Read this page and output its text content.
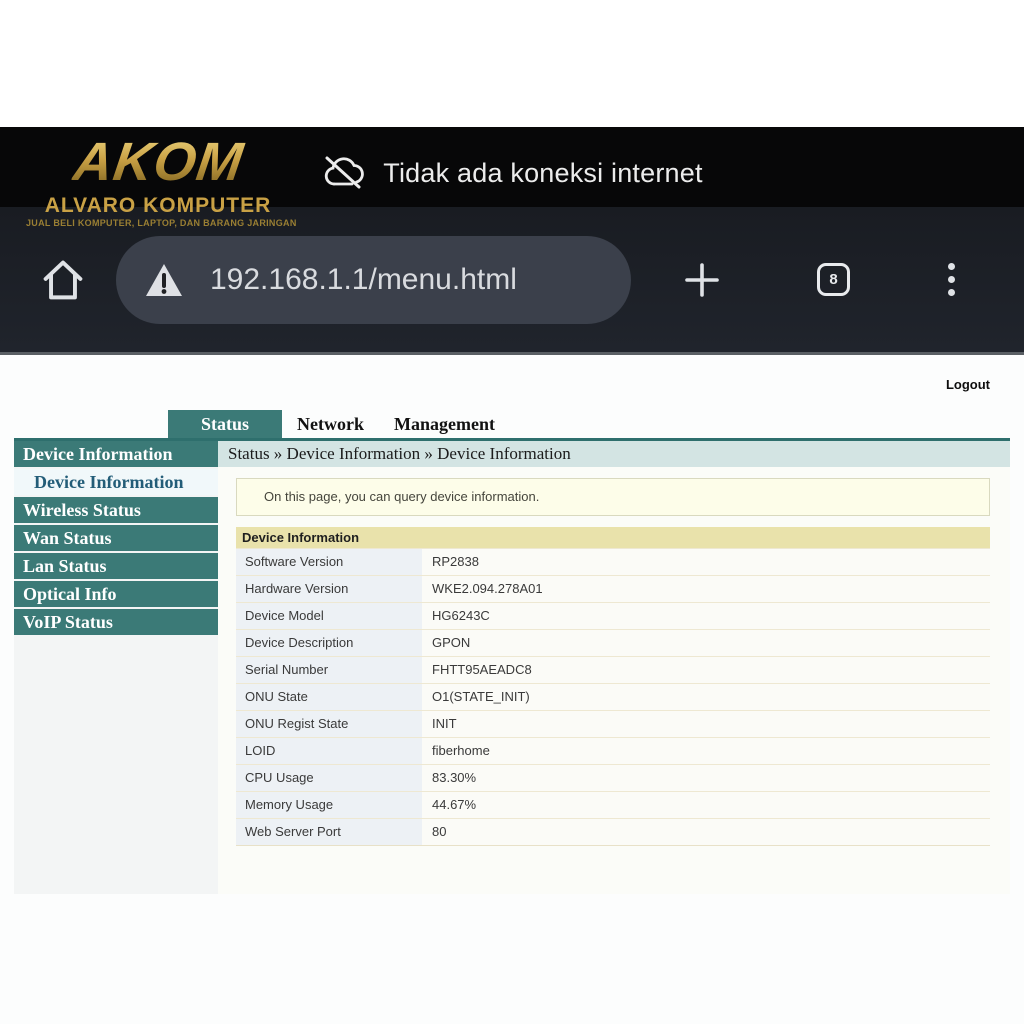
Tidak ada koneksi internet
192.168.1.1/menu.html	8
AKOM
ALVARO KOMPUTER
JUAL BELI KOMPUTER, LAPTOP, DAN BARANG JARINGAN
Logout
Status	Network	Management
Device Information
Device Information
Wireless Status
Wan Status
Lan Status
Optical Info
VoIP Status
Status » Device Information » Device Information
On this page, you can query device information.
Device Information
Software Version	RP2838
Hardware Version	WKE2.094.278A01
Device Model	HG6243C
Device Description	GPON
Serial Number	FHTT95AEADC8
ONU State	O1(STATE_INIT)
ONU Regist State	INIT
LOID	fiberhome
CPU Usage	83.30%
Memory Usage	44.67%
Web Server Port	80
